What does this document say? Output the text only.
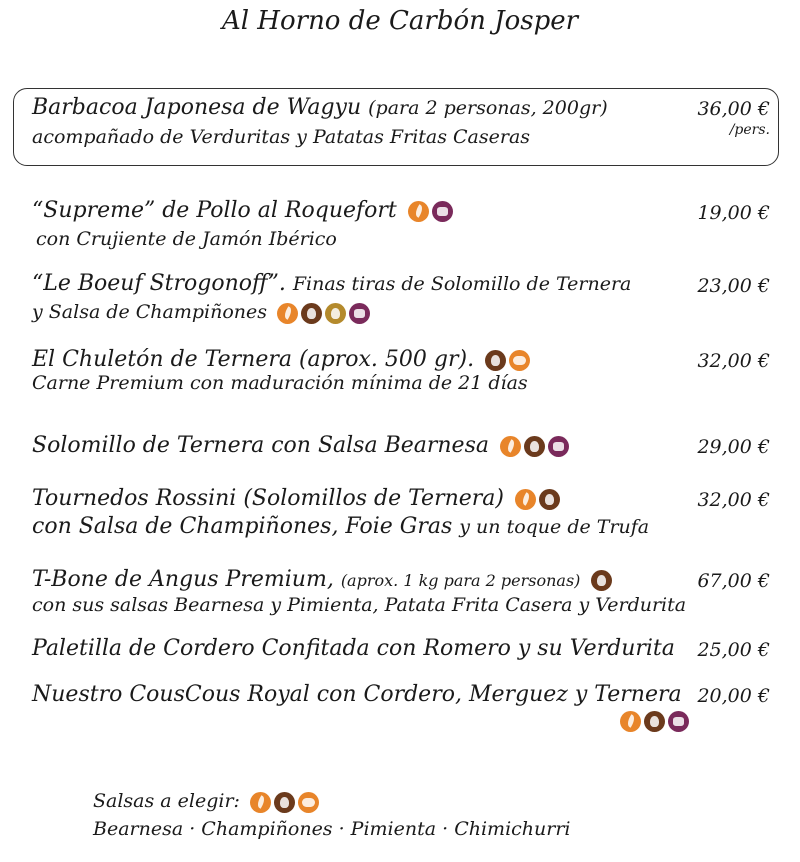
Al Horno de Carbón Josper
Barbacoa Japonesa de Wagyu (para 2 personas, 200gr)
acompañado de Verduritas y Patatas Fritas Caseras
36,00 €
/pers.
“Supreme” de Pollo al Roquefort
con Crujiente de Jamón Ibérico
19,00 €
“Le Boeuf Strogonoff”. Finas tiras de Solomillo de Ternera
y Salsa de Champiñones
23,00 €
El Chuletón de Ternera (aprox. 500 gr).
Carne Premium con maduración mínima de 21 días
32,00 €
Solomillo de Ternera con Salsa Bearnesa	29,00 €
Tournedos Rossini (Solomillos de Ternera)
con Salsa de Champiñones, Foie Gras y un toque de Trufa
32,00 €
T-Bone de Angus Premium, (aprox. 1 kg para 2 personas)
con sus salsas Bearnesa y Pimienta, Patata Frita Casera y Verdurita
67,00 €
Paletilla de Cordero Confitada con Romero y su Verdurita 25,00 €
Nuestro CousCous Royal con Cordero, Merguez y Ternera 20,00 €
Salsas a elegir:
Bearnesa · Champiñones · Pimienta · Chimichurri
